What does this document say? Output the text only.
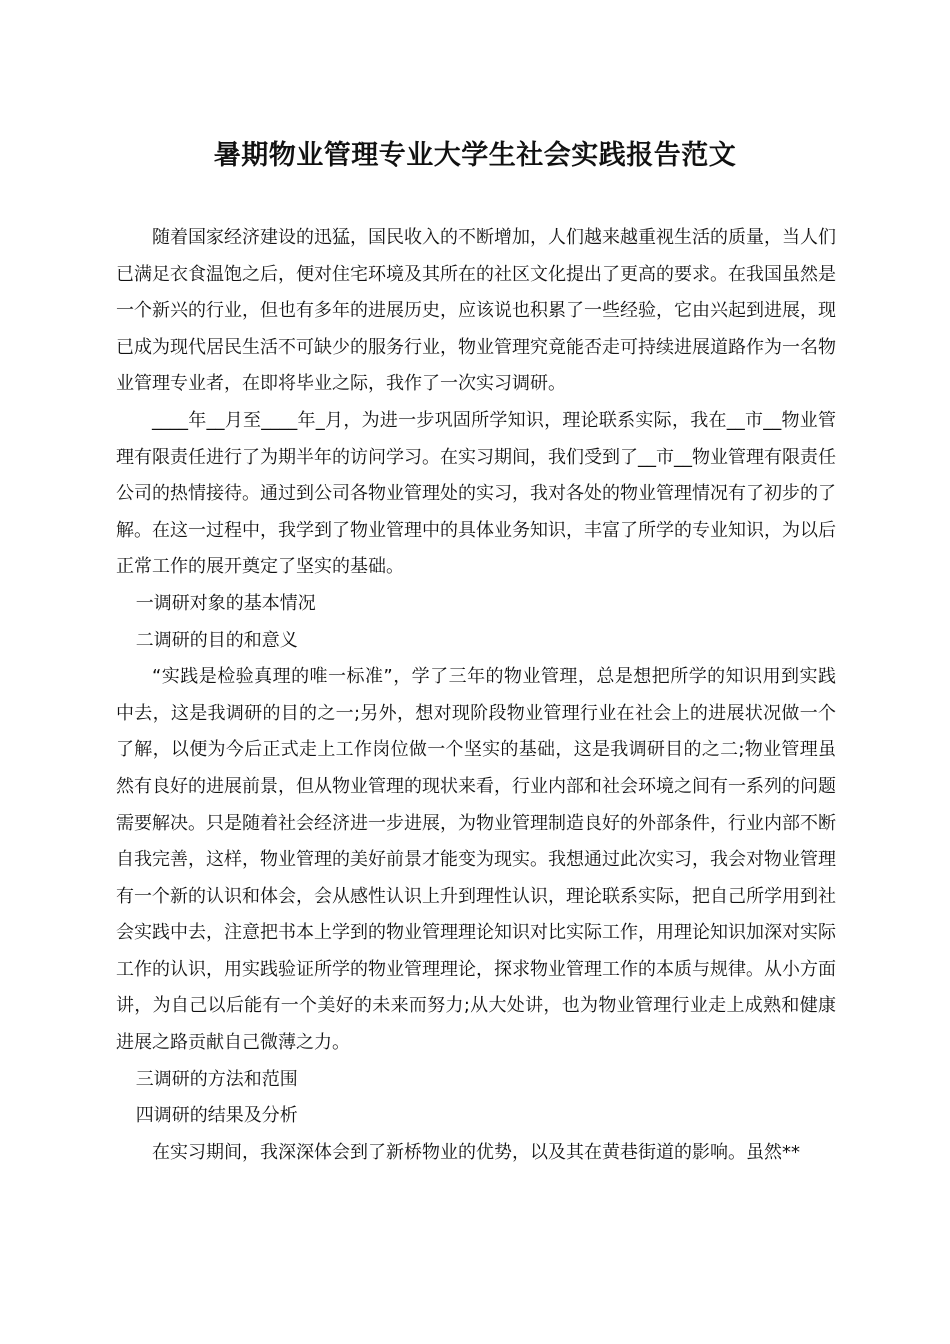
暑期物业管理专业大学生社会实践报告范文

随着国家经济建设的迅猛，国民收入的不断增加，人们越来越重视生活的质量，当人们已满足衣食温饱之后，便对住宅环境及其所在的社区文化提出了更高的要求。在我国虽然是一个新兴的行业，但也有多年的进展历史，应该说也积累了一些经验，它由兴起到进展，现已成为现代居民生活不可缺少的服务行业，物业管理究竟能否走可持续进展道路作为一名物业管理专业者，在即将毕业之际，我作了一次实习调研。

____年__月至____年_月，为进一步巩固所学知识，理论联系实际，我在__市__物业管理有限责任进行了为期半年的访问学习。在实习期间，我们受到了__市__物业管理有限责任公司的热情接待。通过到公司各物业管理处的实习，我对各处的物业管理情况有了初步的了解。在这一过程中，我学到了物业管理中的具体业务知识，丰富了所学的专业知识，为以后正常工作的展开奠定了坚实的基础。

一调研对象的基本情况

二调研的目的和意义

“实践是检验真理的唯一标准”，学了三年的物业管理，总是想把所学的知识用到实践中去，这是我调研的目的之一;另外，想对现阶段物业管理行业在社会上的进展状况做一个了解，以便为今后正式走上工作岗位做一个坚实的基础，这是我调研目的之二;物业管理虽然有良好的进展前景，但从物业管理的现状来看，行业内部和社会环境之间有一系列的问题需要解决。只是随着社会经济进一步进展，为物业管理制造良好的外部条件，行业内部不断自我完善，这样，物业管理的美好前景才能变为现实。我想通过此次实习，我会对物业管理有一个新的认识和体会，会从感性认识上升到理性认识，理论联系实际，把自己所学用到社会实践中去，注意把书本上学到的物业管理理论知识对比实际工作，用理论知识加深对实际工作的认识，用实践验证所学的物业管理理论，探求物业管理工作的本质与规律。从小方面讲，为自己以后能有一个美好的未来而努力;从大处讲，也为物业管理行业走上成熟和健康进展之路贡献自己微薄之力。

三调研的方法和范围

四调研的结果及分析

在实习期间，我深深体会到了新桥物业的优势，以及其在黄巷街道的影响。虽然**
